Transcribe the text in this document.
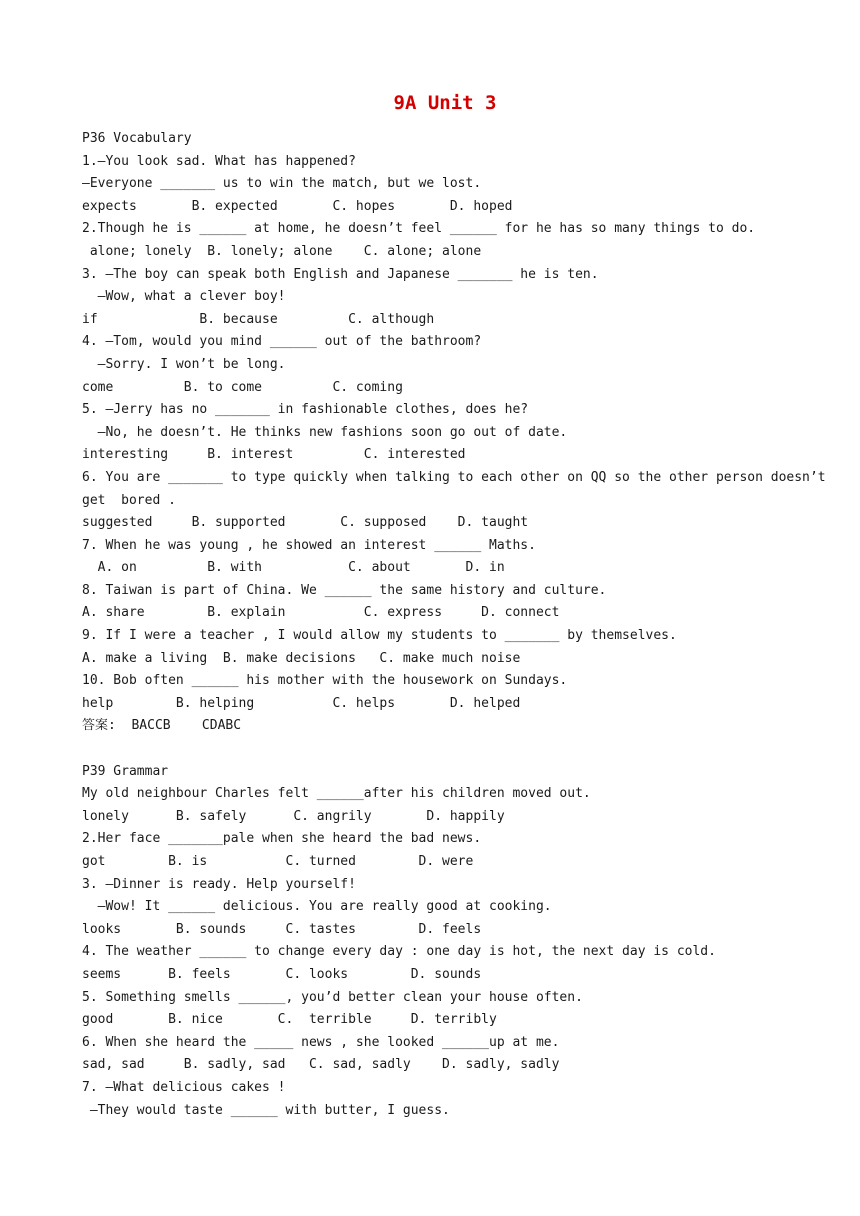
9A Unit 3
P36 Vocabulary
1.—You look sad. What has happened?
—Everyone _______ us to win the match, but we lost.
expects       B. expected       C. hopes       D. hoped
2.Though he is ______ at home, he doesn’t feel ______ for he has so many things to do.
alone; lonely  B. lonely; alone    C. alone; alone
3. —The boy can speak both English and Japanese _______ he is ten.
—Wow, what a clever boy!
if             B. because         C. although
4. —Tom, would you mind ______ out of the bathroom?
—Sorry. I won’t be long.
come         B. to come         C. coming
5. —Jerry has no _______ in fashionable clothes, does he?
—No, he doesn’t. He thinks new fashions soon go out of date.
interesting     B. interest         C. interested
6. You are _______ to type quickly when talking to each other on QQ so the other person doesn’t
get  bored .
suggested     B. supported       C. supposed    D. taught
7. When he was young , he showed an interest ______ Maths.
A. on         B. with           C. about       D. in
8. Taiwan is part of China. We ______ the same history and culture.
A. share        B. explain          C. express     D. connect
9. If I were a teacher , I would allow my students to _______ by themselves.
A. make a living  B. make decisions   C. make much noise
10. Bob often ______ his mother with the housework on Sundays.
help        B. helping          C. helps       D. helped
答案:  BACCB    CDABC
P39 Grammar
My old neighbour Charles felt ______after his children moved out.
lonely      B. safely      C. angrily       D. happily
2.Her face _______pale when she heard the bad news.
got        B. is          C. turned        D. were
3. —Dinner is ready. Help yourself!
—Wow! It ______ delicious. You are really good at cooking.
looks       B. sounds     C. tastes        D. feels
4. The weather ______ to change every day : one day is hot, the next day is cold.
seems      B. feels       C. looks        D. sounds
5. Something smells ______, you’d better clean your house often.
good       B. nice       C.  terrible     D. terribly
6. When she heard the _____ news , she looked ______up at me.
sad, sad     B. sadly, sad   C. sad, sadly    D. sadly, sadly
7. —What delicious cakes !
—They would taste ______ with butter, I guess.
